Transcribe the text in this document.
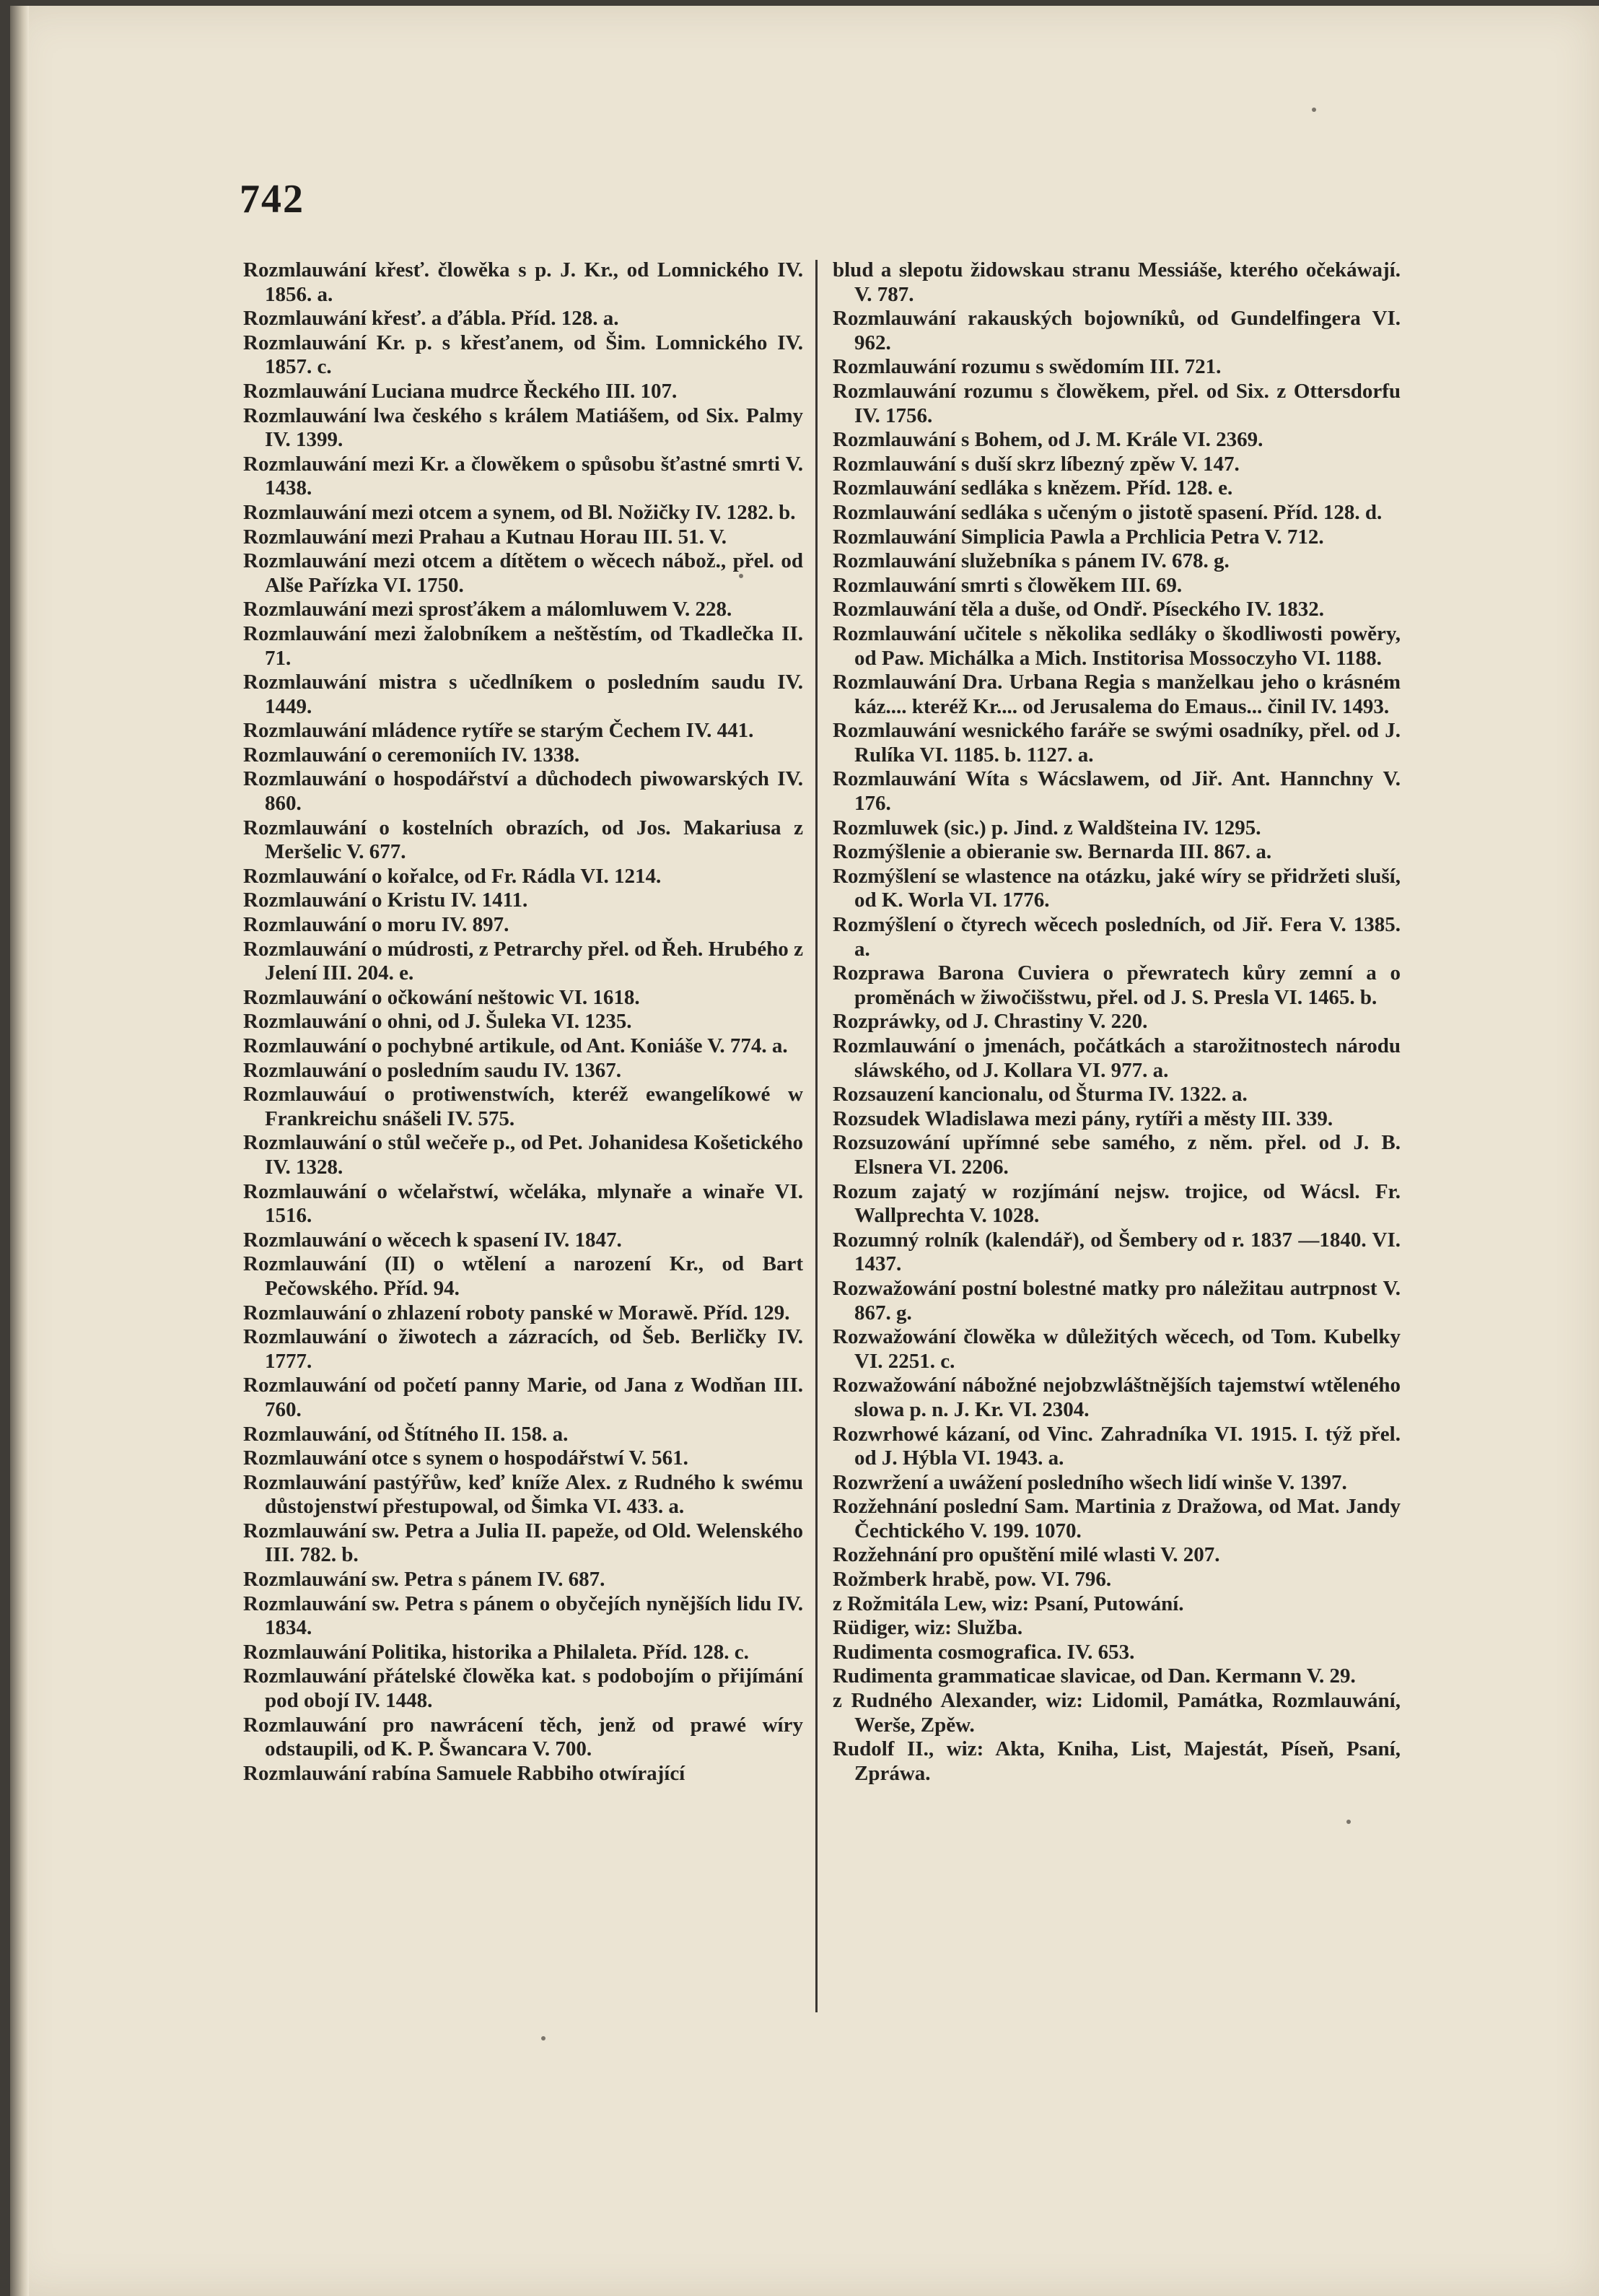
742

Rozmlauwání křesť. člowěka s p. J. Kr., od Lomnického IV. 1856. a.

Rozmlauwání křesť. a ďábla. Příd. 128. a.

Rozmlauwání Kr. p. s křesťanem, od Šim. Lomnického IV. 1857. c.

Rozmlauwání Luciana mudrce Řeckého III. 107.

Rozmlauwání lwa českého s králem Matiášem, od Six. Palmy IV. 1399.

Rozmlauwání mezi Kr. a člowěkem o spůsobu šťastné smrti V. 1438.

Rozmlauwání mezi otcem a synem, od Bl. Nožičky IV. 1282. b.

Rozmlauwání mezi Prahau a Kutnau Horau III. 51. V.

Rozmlauwání mezi otcem a dítětem o wěcech nábož., přel. od Alše Pařízka VI. 1750.

Rozmlauwání mezi sprosťákem a málomluwem V. 228.

Rozmlauwání mezi žalobníkem a neštěstím, od Tkadlečka II. 71.

Rozmlauwání mistra s učedlníkem o posledním saudu IV. 1449.

Rozmlauwání mládence rytíře se starým Čechem IV. 441.

Rozmlauwání o ceremoniích IV. 1338.

Rozmlauwání o hospodářství a důchodech piwowarských IV. 860.

Rozmlauwání o kostelních obrazích, od Jos. Makariusa z Meršelic V. 677.

Rozmlauwání o kořalce, od Fr. Rádla VI. 1214.

Rozmlauwání o Kristu IV. 1411.

Rozmlauwání o moru IV. 897.

Rozmlauwání o múdrosti, z Petrarchy přel. od Řeh. Hrubého z Jelení III. 204. e.

Rozmlauwání o očkowání neštowic VI. 1618.

Rozmlauwání o ohni, od J. Šuleka VI. 1235.

Rozmlauwání o pochybné artikule, od Ant. Koniáše V. 774. a.

Rozmlauwání o posledním saudu IV. 1367.

Rozmlauwáuí o protiwenstwích, kteréž ewangelíkowé w Frankreichu snášeli IV. 575.

Rozmlauwání o stůl wečeře p., od Pet. Johanidesa Košetického IV. 1328.

Rozmlauwání o wčelařstwí, wčeláka, mlynaře a winaře VI. 1516.

Rozmlauwání o wěcech k spasení IV. 1847.

Rozmlauwání (II) o wtělení a narození Kr., od Bart Pečowského. Příd. 94.

Rozmlauwání o zhlazení roboty panské w Morawě. Příd. 129.

Rozmlauwání o žiwotech a zázracích, od Šeb. Berličky IV. 1777.

Rozmlauwání od početí panny Marie, od Jana z Wodňan III. 760.

Rozmlauwání, od Štítného II. 158. a.

Rozmlauwání otce s synem o hospodářstwí V. 561.

Rozmlauwání pastýřůw, keď kníže Alex. z Rudného k swému důstojenstwí přestupowal, od Šimka VI. 433. a.

Rozmlauwání sw. Petra a Julia II. papeže, od Old. Welenského III. 782. b.

Rozmlauwání sw. Petra s pánem IV. 687.

Rozmlauwání sw. Petra s pánem o obyčejích nynějších lidu IV. 1834.

Rozmlauwání Politika, historika a Philaleta. Příd. 128. c.

Rozmlauwání přátelské člowěka kat. s podobojím o přijímání pod obojí IV. 1448.

Rozmlauwání pro nawrácení těch, jenž od prawé wíry odstaupili, od K. P. Šwancara V. 700.

Rozmlauwání rabína Samuele Rabbiho otwírající

blud a slepotu židowskau stranu Messiáše, kterého očekáwají. V. 787.

Rozmlauwání rakauských bojowníků, od Gundelfingera VI. 962.

Rozmlauwání rozumu s swědomím III. 721.

Rozmlauwání rozumu s člowěkem, přel. od Six. z Ottersdorfu IV. 1756.

Rozmlauwání s Bohem, od J. M. Krále VI. 2369.

Rozmlauwání s duší skrz líbezný zpěw V. 147.

Rozmlauwání sedláka s knězem. Příd. 128. e.

Rozmlauwání sedláka s učeným o jistotě spasení. Příd. 128. d.

Rozmlauwání Simplicia Pawla a Prchlicia Petra V. 712.

Rozmlauwání služebníka s pánem IV. 678. g.

Rozmlauwání smrti s člowěkem III. 69.

Rozmlauwání těla a duše, od Ondř. Píseckého IV. 1832.

Rozmlauwání učitele s několika sedláky o škodliwosti powěry, od Paw. Michálka a Mich. Institorisa Mossoczyho VI. 1188.

Rozmlauwání Dra. Urbana Regia s manželkau jeho o krásném káz.... kteréž Kr.... od Jerusalema do Emaus... činil IV. 1493.

Rozmlauwání wesnického faráře se swými osadníky, přel. od J. Rulíka VI. 1185. b. 1127. a.

Rozmlauwání Wíta s Wácslawem, od Jiř. Ant. Hannchny V. 176.

Rozmluwek (sic.) p. Jind. z Waldšteina IV. 1295.

Rozmýšlenie a obieranie sw. Bernarda III. 867. a.

Rozmýšlení se wlastence na otázku, jaké wíry se přidržeti sluší, od K. Worla VI. 1776.

Rozmýšlení o čtyrech wěcech posledních, od Jiř. Fera V. 1385. a.

Rozprawa Barona Cuviera o přewratech kůry zemní a o proměnách w žiwočišstwu, přel. od J. S. Presla VI. 1465. b.

Rozpráwky, od J. Chrastiny V. 220.

Rozmlauwání o jmenách, počátkách a starožitnostech národu sláwského, od J. Kollara VI. 977. a.

Rozsauzení kancionalu, od Šturma IV. 1322. a.

Rozsudek Wladislawa mezi pány, rytíři a městy III. 339.

Rozsuzowání upřímné sebe samého, z něm. přel. od J. B. Elsnera VI. 2206.

Rozum zajatý w rozjímání nejsw. trojice, od Wácsl. Fr. Wallprechta V. 1028.

Rozumný rolník (kalendář), od Šembery od r. 1837 —1840. VI. 1437.

Rozwažowání postní bolestné matky pro náležitau autrpnost V. 867. g.

Rozwažowání člowěka w důležitých wěcech, od Tom. Kubelky VI. 2251. c.

Rozwažowání nábožné nejobzwláštnějších tajemstwí wtěleného slowa p. n. J. Kr. VI. 2304.

Rozwrhowé kázaní, od Vinc. Zahradníka VI. 1915. I. týž přel. od J. Hýbla VI. 1943. a.

Rozwržení a uwážení posledního wšech lidí winše V. 1397.

Rozžehnání poslední Sam. Martinia z Dražowa, od Mat. Jandy Čechtického V. 199. 1070.

Rozžehnání pro opuštění milé wlasti V. 207.

Rožmberk hrabě, pow. VI. 796.

z Rožmitála Lew, wiz: Psaní, Putowání.

Rüdiger, wiz: Služba.

Rudimenta cosmografica. IV. 653.

Rudimenta grammaticae slavicae, od Dan. Kermann V. 29.

z Rudného Alexander, wiz: Lidomil, Památka, Rozmlauwání, Werše, Zpěw.

Rudolf II., wiz: Akta, Kniha, List, Majestát, Píseň, Psaní, Zpráwa.
